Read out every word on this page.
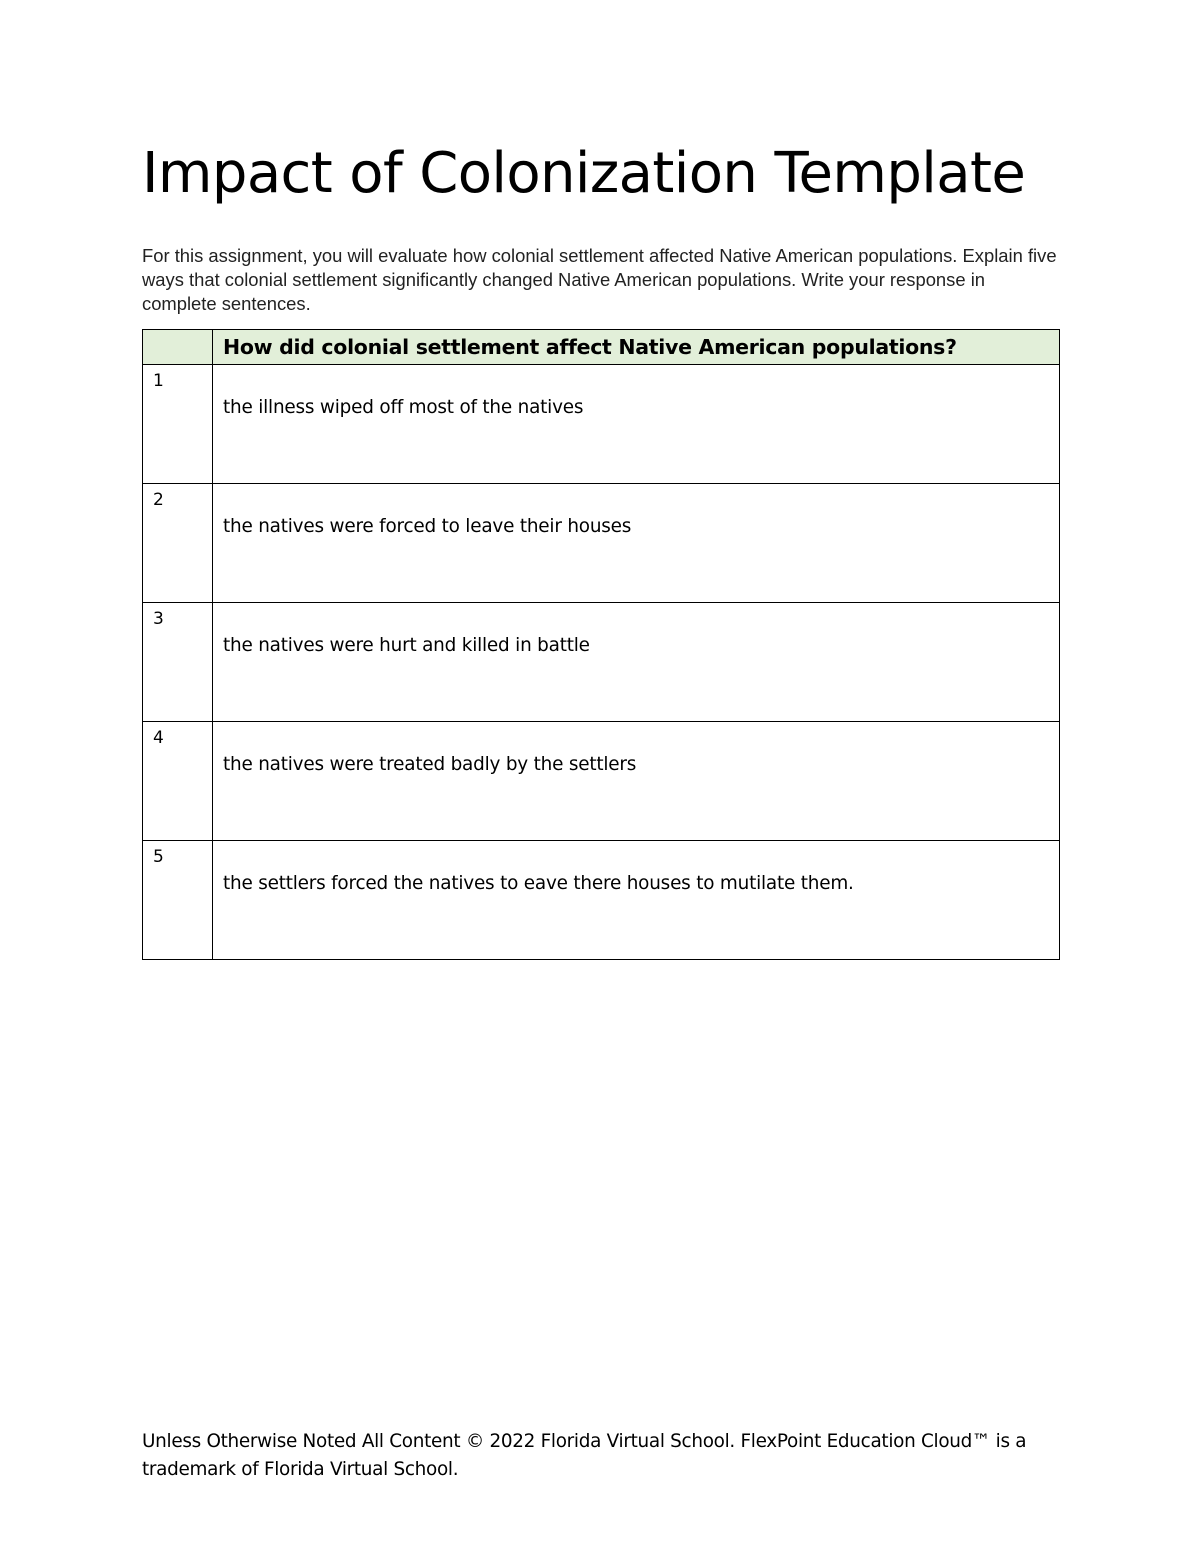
Impact of Colonization Template

For this assignment, you will evaluate how colonial settlement affected Native American populations. Explain five ways that colonial settlement significantly changed Native American populations. Write your response in complete sentences.

	How did colonial settlement affect Native American populations?
1	the illness wiped off most of the natives
2	the natives were forced to leave their houses
3	the natives were hurt and killed in battle
4	the natives were treated badly by the settlers
5	the settlers forced the natives to eave there houses to mutilate them.

Unless Otherwise Noted All Content © 2022 Florida Virtual School. FlexPoint Education Cloud™ is a trademark of Florida Virtual School.
